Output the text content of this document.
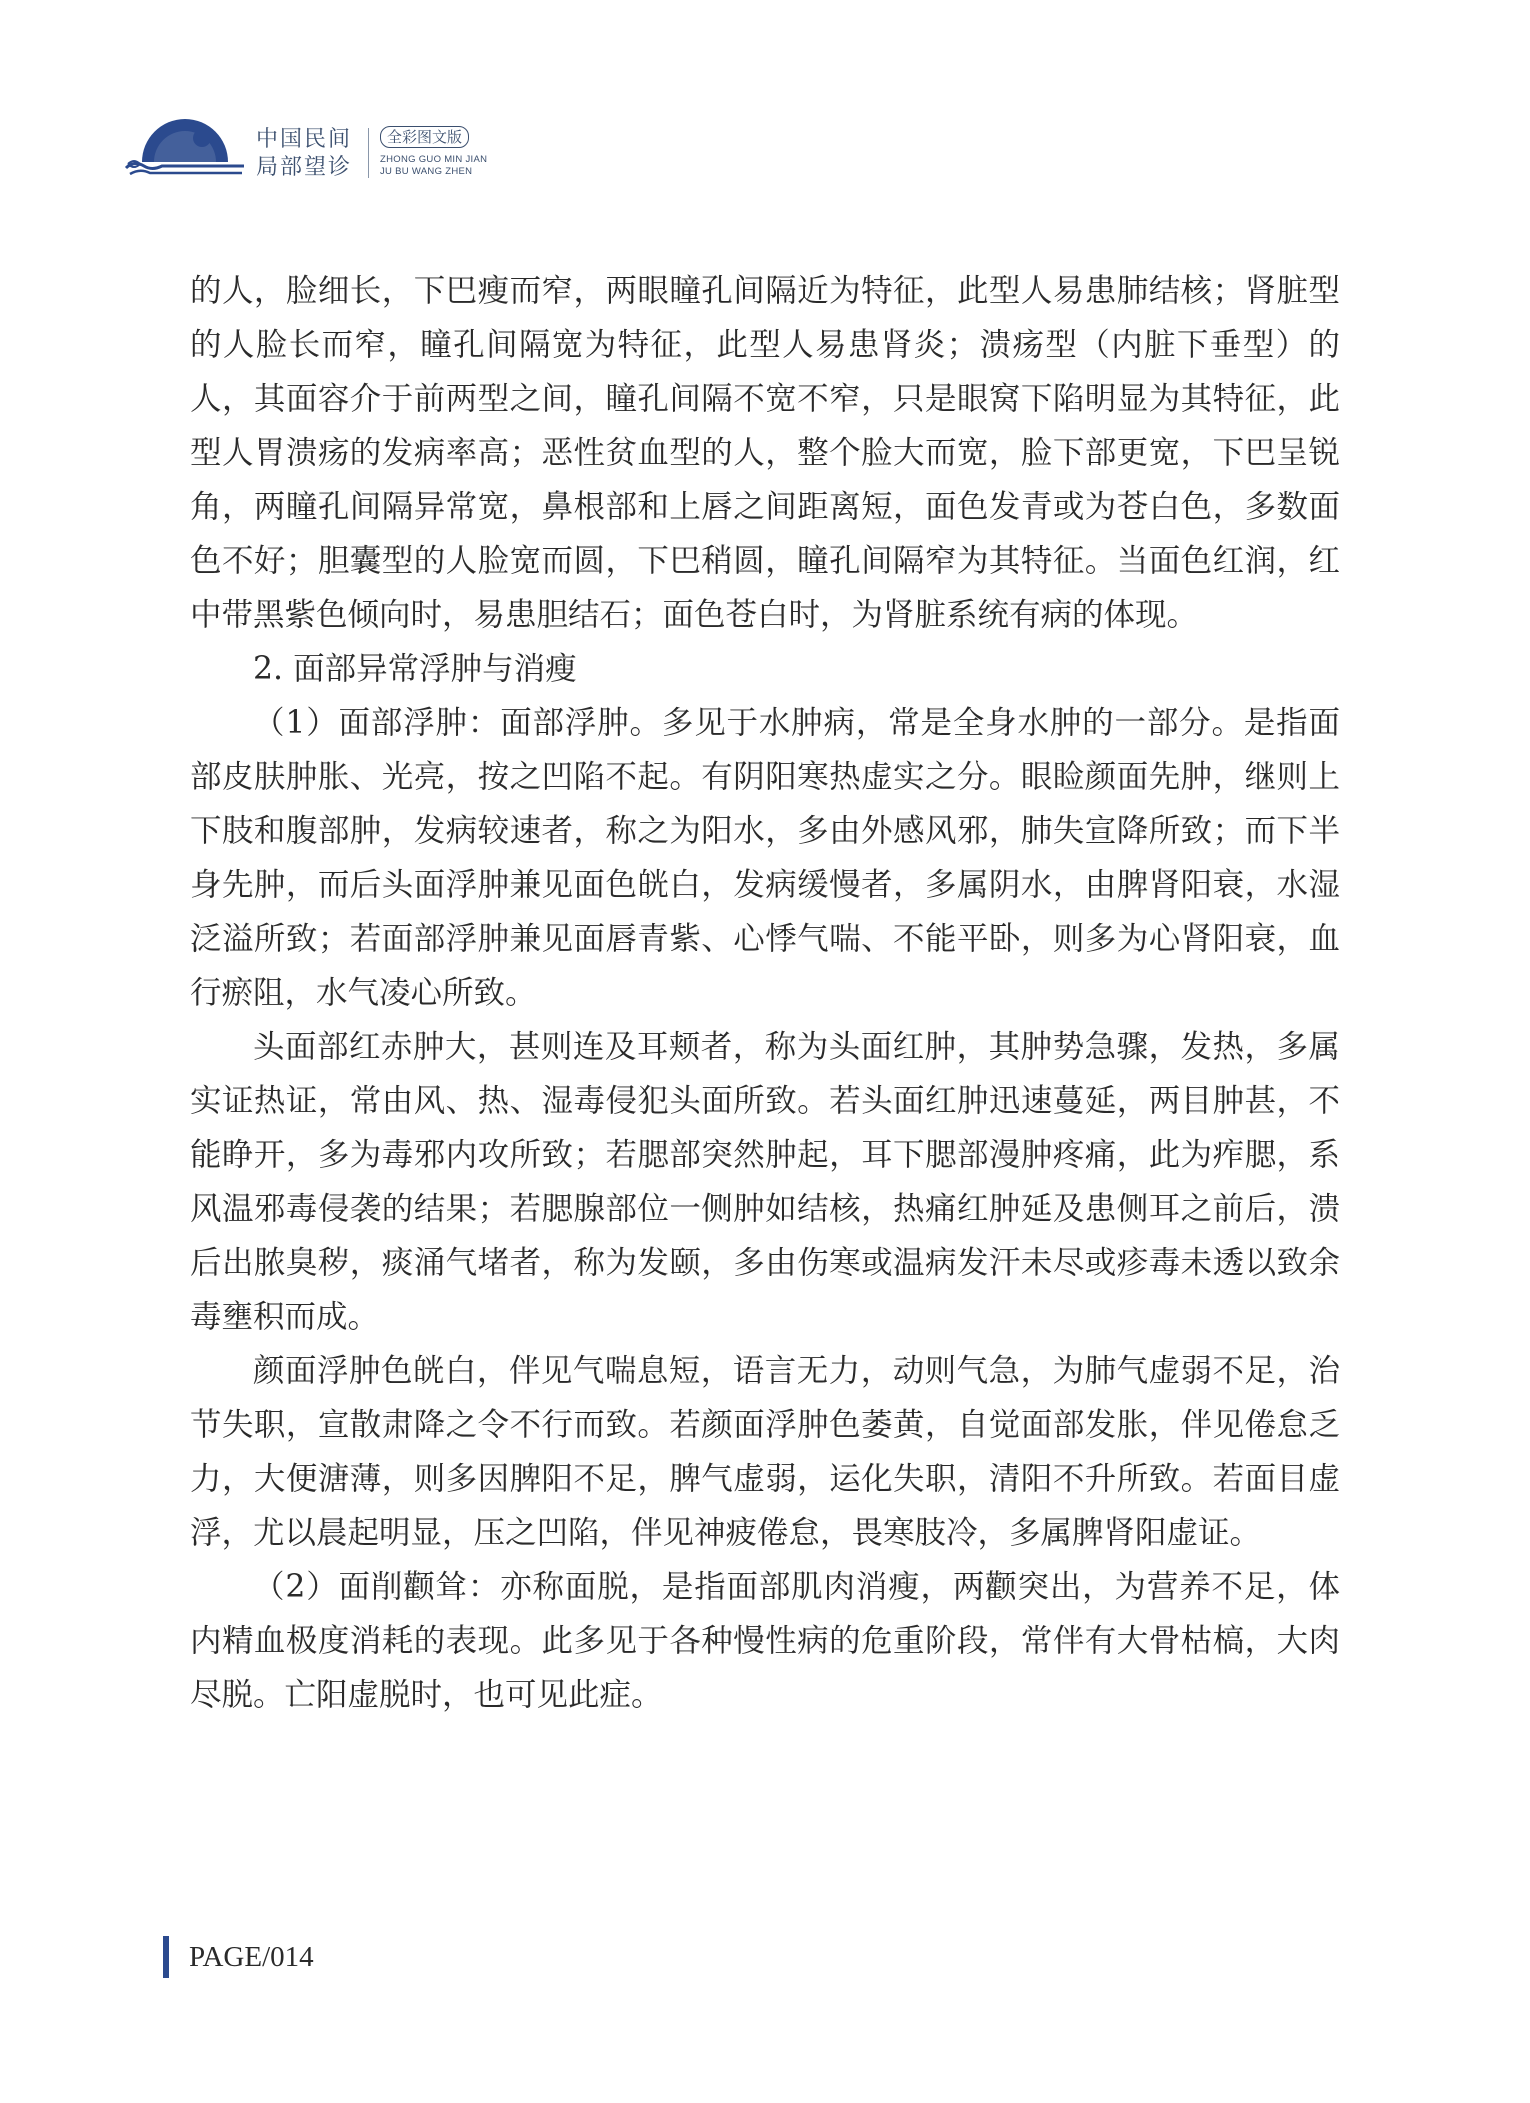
中国民间
局部望诊
全彩图文版
ZHONG GUO MIN JIAN
JU BU WANG ZHEN

的人，脸细长，下巴瘦而窄，两眼瞳孔间隔近为特征，此型人易患肺结核；肾脏型的人脸长而窄，瞳孔间隔宽为特征，此型人易患肾炎；溃疡型（内脏下垂型）的人，其面容介于前两型之间，瞳孔间隔不宽不窄，只是眼窝下陷明显为其特征，此型人胃溃疡的发病率高；恶性贫血型的人，整个脸大而宽，脸下部更宽，下巴呈锐角，两瞳孔间隔异常宽，鼻根部和上唇之间距离短，面色发青或为苍白色，多数面色不好；胆囊型的人脸宽而圆，下巴稍圆，瞳孔间隔窄为其特征。当面色红润，红中带黑紫色倾向时，易患胆结石；面色苍白时，为肾脏系统有病的体现。

2. 面部异常浮肿与消瘦

（1）面部浮肿：面部浮肿。多见于水肿病，常是全身水肿的一部分。是指面部皮肤肿胀、光亮，按之凹陷不起。有阴阳寒热虚实之分。眼睑颜面先肿，继则上下肢和腹部肿，发病较速者，称之为阳水，多由外感风邪，肺失宣降所致；而下半身先肿，而后头面浮肿兼见面色㿠白，发病缓慢者，多属阴水，由脾肾阳衰，水湿泛溢所致；若面部浮肿兼见面唇青紫、心悸气喘、不能平卧，则多为心肾阳衰，血行瘀阻，水气凌心所致。

头面部红赤肿大，甚则连及耳颊者，称为头面红肿，其肿势急骤，发热，多属实证热证，常由风、热、湿毒侵犯头面所致。若头面红肿迅速蔓延，两目肿甚，不能睁开，多为毒邪内攻所致；若腮部突然肿起，耳下腮部漫肿疼痛，此为痄腮，系风温邪毒侵袭的结果；若腮腺部位一侧肿如结核，热痛红肿延及患侧耳之前后，溃后出脓臭秽，痰涌气堵者，称为发颐，多由伤寒或温病发汗未尽或疹毒未透以致余毒壅积而成。

颜面浮肿色㿠白，伴见气喘息短，语言无力，动则气急，为肺气虚弱不足，治节失职，宣散肃降之令不行而致。若颜面浮肿色萎黄，自觉面部发胀，伴见倦怠乏力，大便溏薄，则多因脾阳不足，脾气虚弱，运化失职，清阳不升所致。若面目虚浮，尤以晨起明显，压之凹陷，伴见神疲倦怠，畏寒肢冷，多属脾肾阳虚证。

（2）面削颧耸：亦称面脱，是指面部肌肉消瘦，两颧突出，为营养不足，体内精血极度消耗的表现。此多见于各种慢性病的危重阶段，常伴有大骨枯槁，大肉尽脱。亡阳虚脱时，也可见此症。

PAGE/014
